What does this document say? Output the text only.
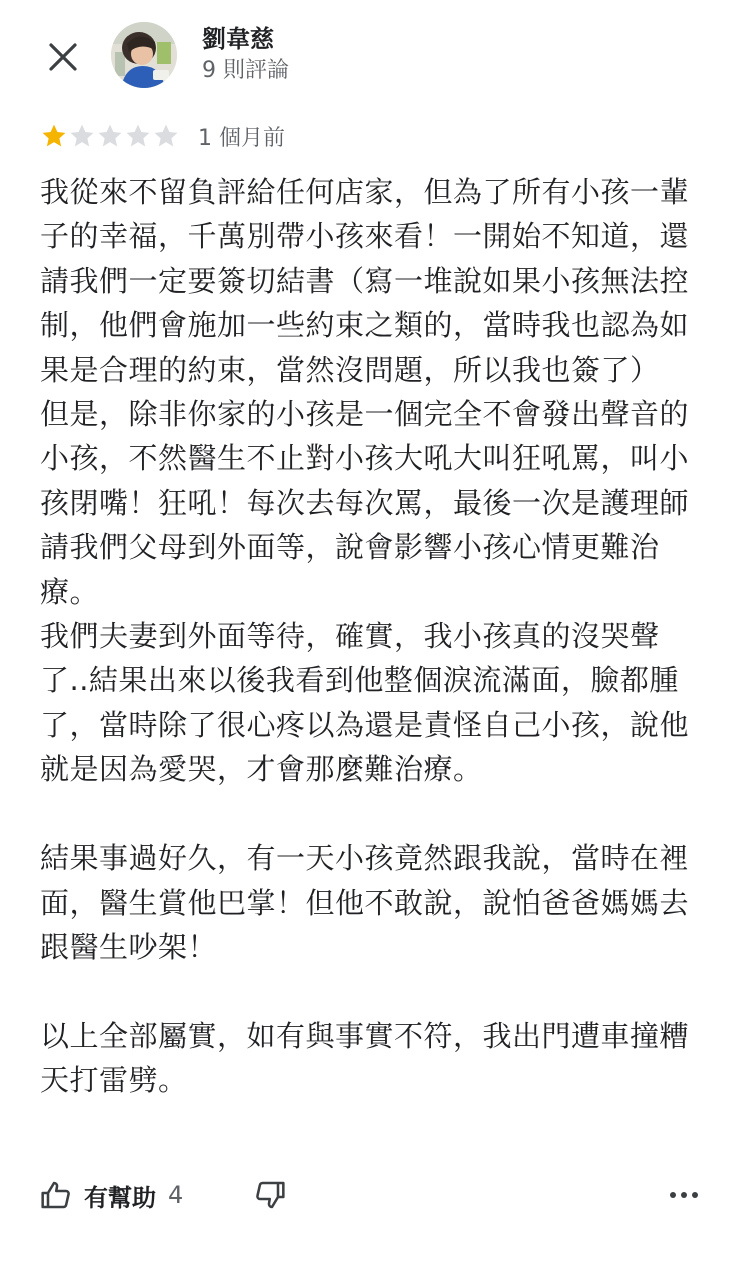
劉韋慈
9 則評論
1 個月前
我從來不留負評給任何店家，但為了所有小孩一輩子的幸福，千萬別帶小孩來看！一開始不知道，還請我們一定要簽切結書（寫一堆說如果小孩無法控制，他們會施加一些約束之類的，當時我也認為如果是合理的約束，當然沒問題，所以我也簽了）
但是，除非你家的小孩是一個完全不會發出聲音的小孩，不然醫生不止對小孩大吼大叫狂吼罵，叫小孩閉嘴！狂吼！每次去每次罵，最後一次是護理師請我們父母到外面等，說會影響小孩心情更難治療。
我們夫妻到外面等待，確實，我小孩真的沒哭聲了..結果出來以後我看到他整個淚流滿面，臉都腫了，當時除了很心疼以為還是責怪自己小孩，說他就是因為愛哭，才會那麼難治療。

結果事過好久，有一天小孩竟然跟我說，當時在裡面，醫生賞他巴掌！但他不敢說，說怕爸爸媽媽去跟醫生吵架！

以上全部屬實，如有與事實不符，我出門遭車撞糟天打雷劈。
有幫助 4
